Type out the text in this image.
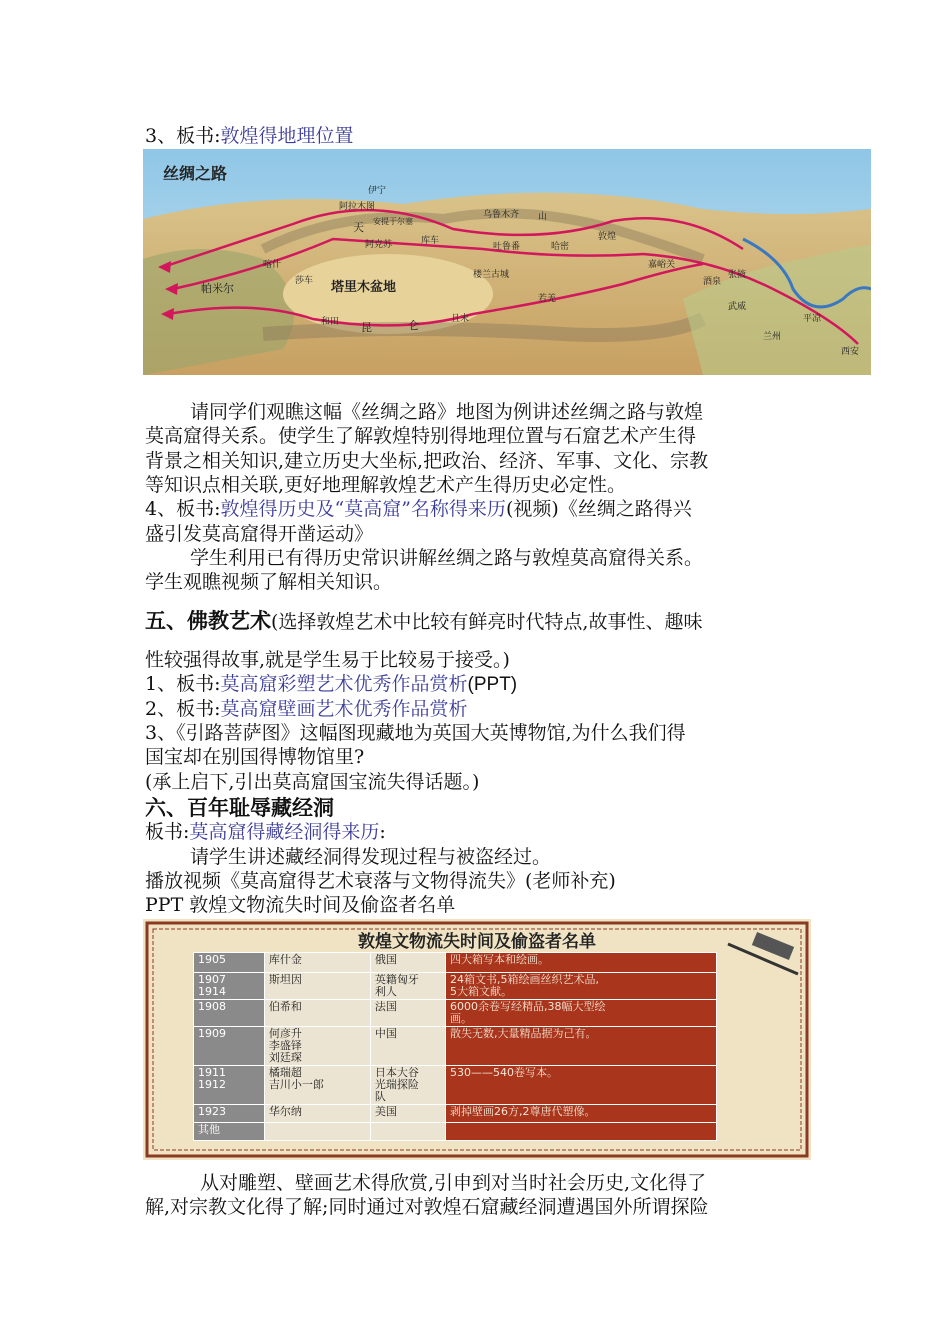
3、板书:敦煌得地理位置
丝绸之路
伊宁
阿拉木图
安提于尔塞
乌鲁木齐 山
天
阿克苏	库车
吐鲁番	哈密
敦煌
嘉峪关
喀什
帕米尔
莎车 塔里木盆地
和田	且末
楼兰古城
若羌
酒泉
张掖
武威
兰州
平凉
西安
昆	仑
请同学们观瞧这幅《丝绸之路》地图为例讲述丝绸之路与敦煌
莫高窟得关系。使学生了解敦煌特别得地理位置与石窟艺术产生得
背景之相关知识,建立历史大坐标,把政治、经济、军事、文化、宗教
等知识点相关联,更好地理解敦煌艺术产生得历史必定性。
4、板书:敦煌得历史及“莫高窟”名称得来历(视频)《丝绸之路得兴
盛引发莫高窟得开凿运动》
学生利用已有得历史常识讲解丝绸之路与敦煌莫高窟得关系。
学生观瞧视频了解相关知识。
五、佛教艺术(选择敦煌艺术中比较有鲜亮时代特点,故事性、趣味
性较强得故事,就是学生易于比较易于接受。)
1、板书:莫高窟彩塑艺术优秀作品赏析(PPT)
2、板书:莫高窟壁画艺术优秀作品赏析
3、《引路菩萨图》这幅图现藏地为英国大英博物馆,为什么我们得
国宝却在别国得博物馆里?
(承上启下,引出莫高窟国宝流失得话题。)
六、百年耻辱藏经洞
板书:莫高窟得藏经洞得来历:
请学生讲述藏经洞得发现过程与被盗经过。
播放视频《莫高窟得艺术衰落与文物得流失》(老师补充)
PPT 敦煌文物流失时间及偷盗者名单
敦煌文物流失时间及偷盗者名单
1905	库什金	俄国	四大箱写本和绘画。
1907
1914	斯坦因	英籍匈牙
利人	24箱文书,5箱绘画丝织艺术品,
5大箱文献。
1908	伯希和	法国	6000余卷写经精品,38幅大型绘
画。
1909	何彦升
李盛铎
刘廷琛	中国	散失无数,大量精品据为己有。
1911
1912	橘瑞超
吉川小一郎	日本大谷
光瑞探险
队	530——540卷写本。
1923	华尔纳	美国	剥掉壁画26方,2尊唐代塑像。
其他			
从对雕塑、壁画艺术得欣赏,引申到对当时社会历史,文化得了
解,对宗教文化得了解;同时通过对敦煌石窟藏经洞遭遇国外所谓探险
